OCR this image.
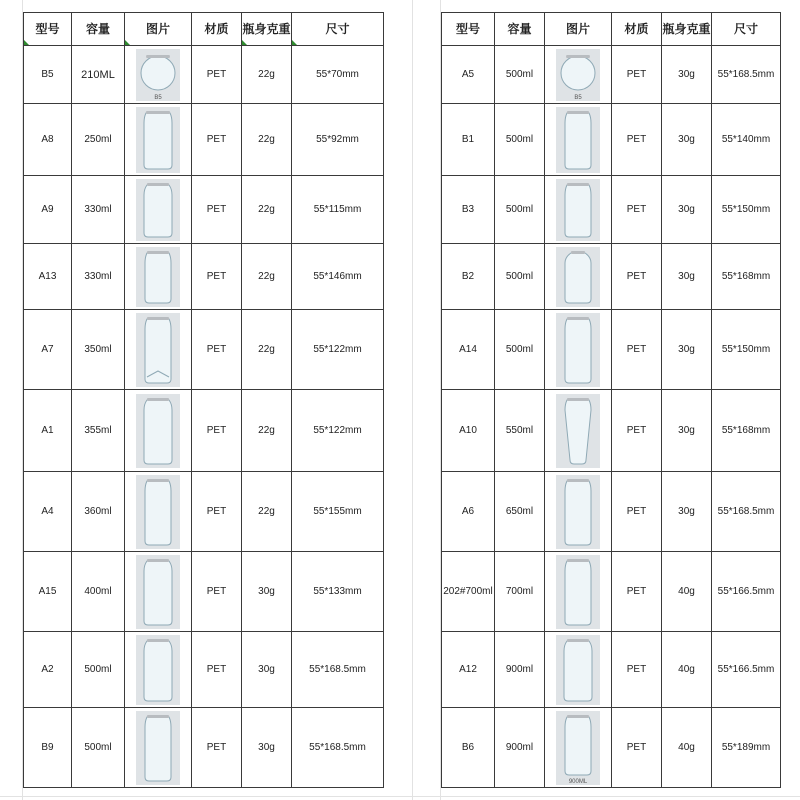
型号	容量	图片	材质	瓶身克重	尺寸
B5	210ML	B5	PET	22g	55*70mm
A8	250ml		PET	22g	55*92mm
A9	330ml		PET	22g	55*115mm
A13	330ml		PET	22g	55*146mm
A7	350ml		PET	22g	55*122mm
A1	355ml		PET	22g	55*122mm
A4	360ml		PET	22g	55*155mm
A15	400ml		PET	30g	55*133mm
A2	500ml		PET	30g	55*168.5mm
B9	500ml		PET	30g	55*168.5mm
型号	容量	图片	材质	瓶身克重	尺寸
A5	500ml	B5	PET	30g	55*168.5mm
B1	500ml		PET	30g	55*140mm
B3	500ml		PET	30g	55*150mm
B2	500ml		PET	30g	55*168mm
A14	500ml		PET	30g	55*150mm
A10	550ml		PET	30g	55*168mm
A6	650ml		PET	30g	55*168.5mm
202#700ml	700ml		PET	40g	55*166.5mm
A12	900ml		PET	40g	55*166.5mm
B6	900ml	900ML	PET	40g	55*189mm
